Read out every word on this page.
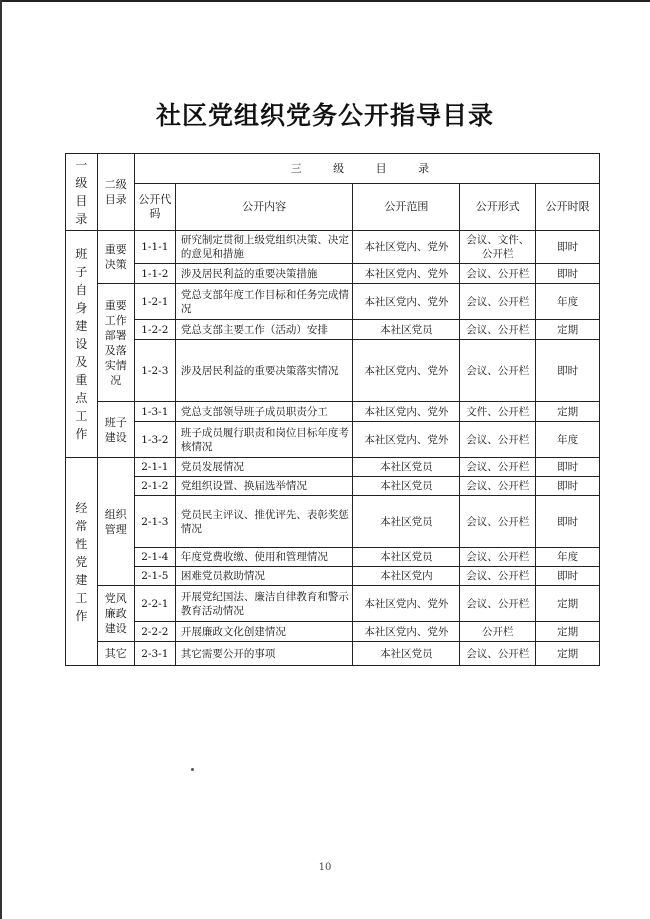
社区党组织党务公开指导目录
一级目录	二级目录	三 级 目 录				
		公开代码	公开内容	公开范围	公开形式	公开时限
班子自身建设及重点工作	重要决策	1-1-1	研究制定贯彻上级党组织决策、决定的意见和措施	本社区党内、党外	会议、文件、公开栏	即时
		1-1-2	涉及居民利益的重要决策措施	本社区党内、党外	会议、公开栏	即时
	重要工作部署及落实情况	1-2-1	党总支部年度工作目标和任务完成情况	本社区党内、党外	会议、公开栏	年度
		1-2-2	党总支部主要工作（活动）安排	本社区党员	会议、公开栏	定期
		1-2-3	涉及居民利益的重要决策落实情况	本社区党内、党外	会议、公开栏	即时
	班子建设	1-3-1	党总支部领导班子成员职责分工	本社区党内、党外	文件、公开栏	定期
		1-3-2	班子成员履行职责和岗位目标年度考核情况	本社区党内、党外	会议、公开栏	年度
经常性党建工作	组织管理	2-1-1	党员发展情况	本社区党员	会议、公开栏	即时
		2-1-2	党组织设置、换届选举情况	本社区党员	会议、公开栏	即时
		2-1-3	党员民主评议、推优评先、表彰奖惩情况	本社区党员	会议、公开栏	即时
		2-1-4	年度党费收缴、使用和管理情况	本社区党员	会议、公开栏	年度
		2-1-5	困难党员救助情况	本社区党内	会议、公开栏	即时
	党风廉政建设	2-2-1	开展党纪国法、廉洁自律教育和警示教育活动情况	本社区党内、党外	会议、公开栏	定期
		2-2-2	开展廉政文化创建情况	本社区党内、党外	公开栏	定期
	其它	2-3-1	其它需要公开的事项	本社区党员	会议、公开栏	定期
10
